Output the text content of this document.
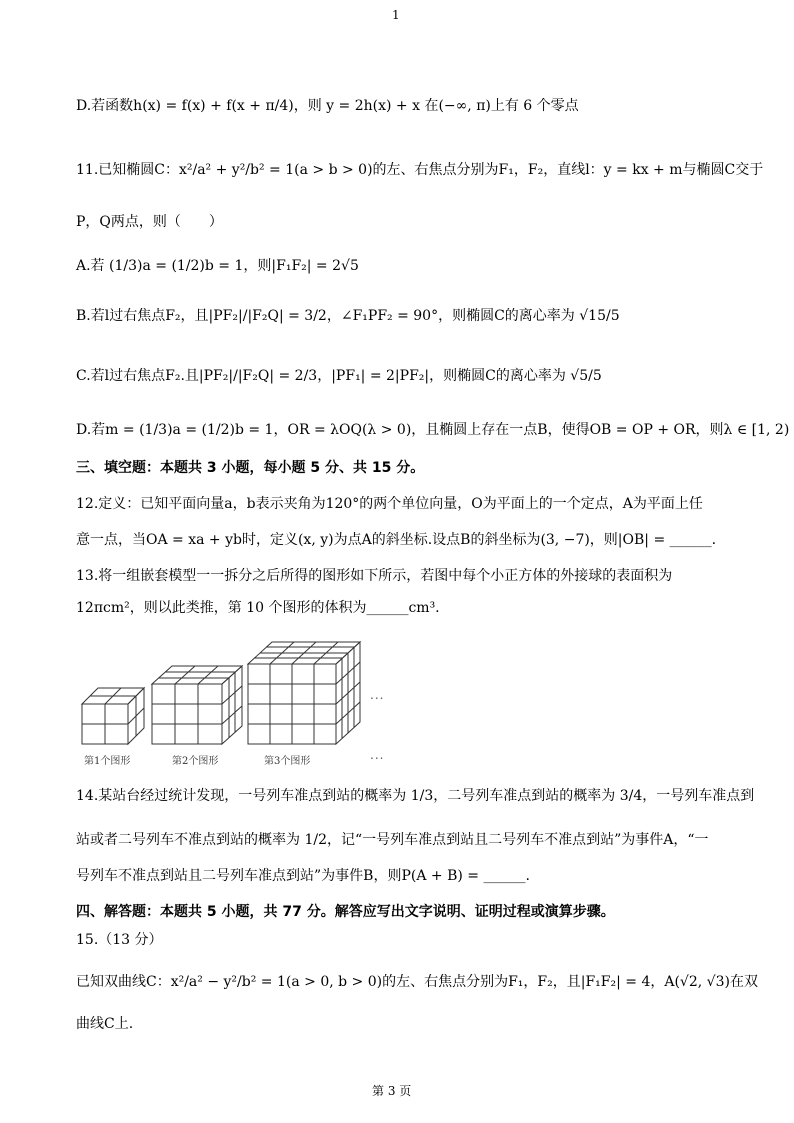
1
D.若函数h(x) = f(x) + f(x + π/4)，则 y = 2h(x) + x 在(−∞, π)上有 6 个零点
11.已知椭圆C：x²/a² + y²/b² = 1(a > b > 0)的左、右焦点分别为F₁，F₂，直线l：y = kx + m与椭圆C交于
P，Q两点，则（　　）
A.若 (1/3)a = (1/2)b = 1，则|F₁F₂| = 2√5
B.若l过右焦点F₂，且|PF₂|/|F₂Q| = 3/2，∠F₁PF₂ = 90°，则椭圆C的离心率为 √15/5
C.若l过右焦点F₂.且|PF₂|/|F₂Q| = 2/3，|PF₁| = 2|PF₂|，则椭圆C的离心率为 √5/5
D.若m = (1/3)a = (1/2)b = 1，OR = λOQ(λ > 0)，且椭圆上存在一点B，使得OB = OP + OR，则λ ∈ [1, 2)
三、填空题：本题共 3 小题，每小题 5 分、共 15 分。
12.定义：已知平面向量a，b表示夹角为120°的两个单位向量，O为平面上的一个定点，A为平面上任
意一点，当OA = xa + yb时，定义(x, y)为点A的斜坐标.设点B的斜坐标为(3, −7)，则|OB| = ______.
13.将一组嵌套模型一一拆分之后所得的图形如下所示，若图中每个小正方体的外接球的表面积为
12πcm²，则以此类推，第 10 个图形的体积为______cm³.
...
第1个图形	第2个图形	第3个图形	...
14.某站台经过统计发现，一号列车准点到站的概率为 1/3，二号列车准点到站的概率为 3/4，一号列车准点到
站或者二号列车不准点到站的概率为 1/2，记“一号列车准点到站且二号列车不准点到站”为事件A，“一
号列车不准点到站且二号列车准点到站”为事件B，则P(A + B) = ______.
四、解答题：本题共 5 小题，共 77 分。解答应写出文字说明、证明过程或演算步骤。
15.（13 分）
已知双曲线C：x²/a² − y²/b² = 1(a > 0, b > 0)的左、右焦点分别为F₁，F₂，且|F₁F₂| = 4，A(√2, √3)在双
曲线C上.
第 3 页
